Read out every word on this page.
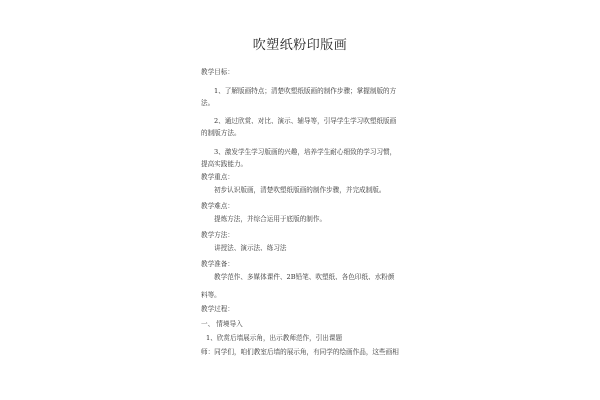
吹塑纸粉印版画
教学目标：
1、了解版画特点；清楚吹塑纸版画的制作步骤；掌握制版的方
法。
2、通过欣赏、对比、演示、辅导等，引导学生学习吹塑纸版画
的制版方法。
3、激发学生学习版画的兴趣，培养学生耐心细致的学习习惯，
提高实践能力。
教学重点：
初步认识版画，清楚吹塑纸版画的制作步骤，并完成制版。
教学难点：
提炼方法，并综合运用于底版的制作。
教学方法：
讲授法、演示法、练习法
教学准备：
教学范作、多媒体课件、2B铅笔、吹塑纸、各色印纸、水粉颜
料等。
教学过程：
一、 情境导入
1、欣赏后墙展示角，出示教师范作，引出课题
师：同学们，咱们教室后墙的展示角，有同学的绘画作品，这些画相
